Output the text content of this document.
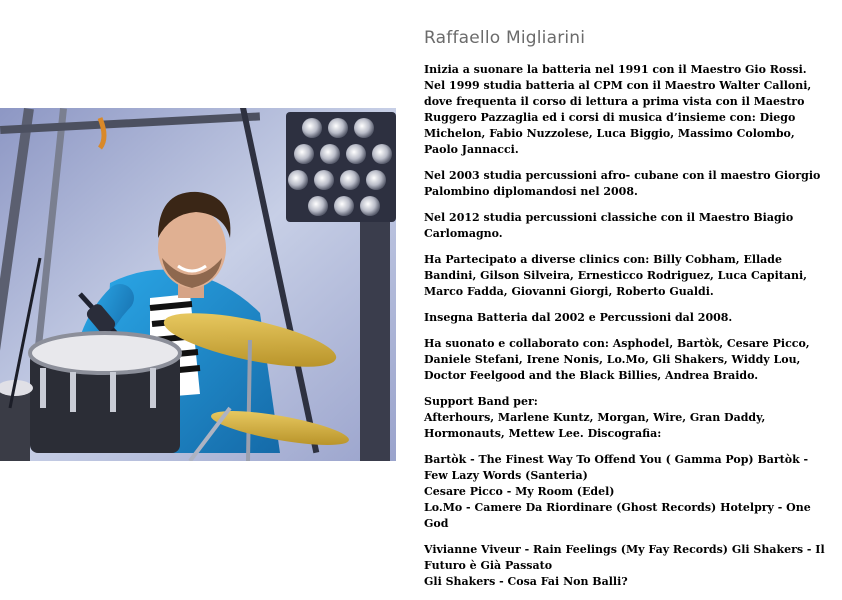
Raffaello Migliarini

Inizia a suonare la batteria nel 1991 con il Maestro Gio Rossi. Nel 1999 studia batteria al CPM con il Maestro Walter Calloni, dove frequenta il corso di lettura a prima vista con il Maestro Ruggero Pazzaglia ed i corsi di musica d’insieme con: Diego Michelon, Fabio Nuzzolese, Luca Biggio, Massimo Colombo, Paolo Jannacci.

Nel 2003 studia percussioni afro- cubane con il maestro Giorgio Palombino diplomandosi nel 2008.

Nel 2012 studia percussioni classiche con il Maestro Biagio Carlomagno.

Ha Partecipato a diverse clinics con: Billy Cobham, Ellade Bandini, Gilson Silveira, Ernesticco Rodriguez, Luca Capitani, Marco Fadda, Giovanni Giorgi, Roberto Gualdi.

Insegna Batteria dal 2002 e Percussioni dal 2008.

Ha suonato e collaborato con: Asphodel, Bartòk, Cesare Picco, Daniele Stefani, Irene Nonis, Lo.Mo, Gli Shakers, Widdy Lou, Doctor Feelgood and the Black Billies, Andrea Braido.

Support Band per:
Afterhours, Marlene Kuntz, Morgan, Wire, Gran Daddy, Hormonauts, Mettew Lee. Discografia:

Bartòk - The Finest Way To Offend You ( Gamma Pop) Bartòk - Few Lazy Words (Santeria)
Cesare Picco - My Room (Edel)
Lo.Mo - Camere Da Riordinare (Ghost Records) Hotelpry - One God

Vivianne Viveur - Rain Feelings (My Fay Records) Gli Shakers - Il Futuro è Già Passato
Gli Shakers - Cosa Fai Non Balli?
